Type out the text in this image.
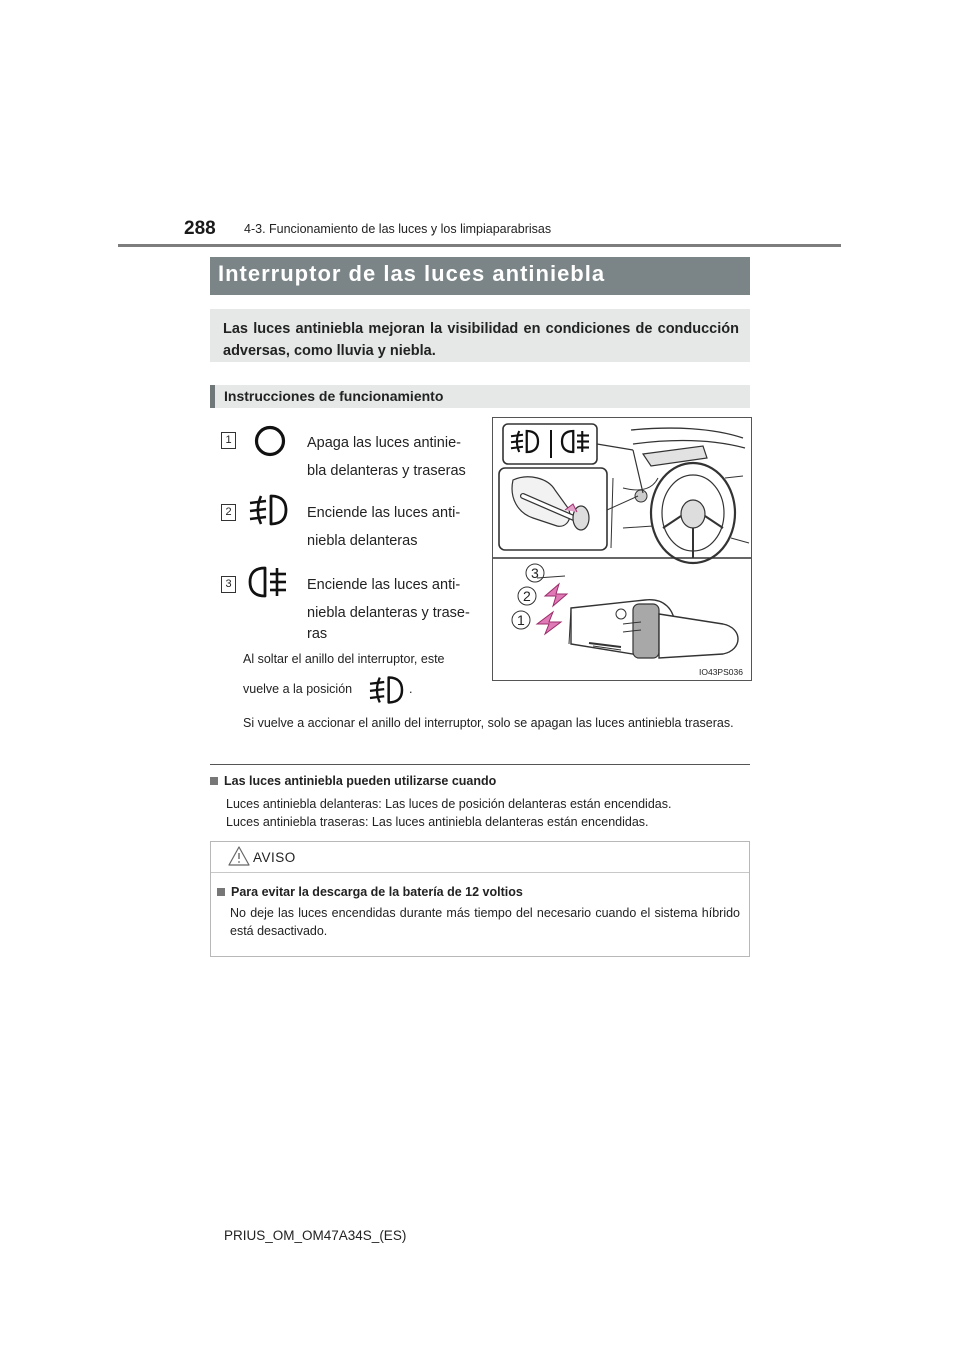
288 4-3. Funcionamiento de las luces y los limpiaparabrisas
Interruptor de las luces antiniebla
Las luces antiniebla mejoran la visibilidad en condiciones de conducción adversas, como lluvia y niebla.
Instrucciones de funcionamiento
1	Apaga las luces antinie-
bla delanteras y traseras
2	Enciende las luces anti-
niebla delanteras
3	Enciende las luces anti-
niebla delanteras y trase-
ras
Al soltar el anillo del interruptor, este
vuelve a la posición	.
Si vuelve a accionar el anillo del interruptor, solo se apagan las luces antiniebla traseras.
3
2
1
IO43PS036
Las luces antiniebla pueden utilizarse cuando
Luces antiniebla delanteras: Las luces de posición delanteras están encendidas.
Luces antiniebla traseras: Las luces antiniebla delanteras están encendidas.
AVISO
Para evitar la descarga de la batería de 12 voltios
No deje las luces encendidas durante más tiempo del necesario cuando el sistema híbrido está desactivado.
PRIUS_OM_OM47A34S_(ES)
